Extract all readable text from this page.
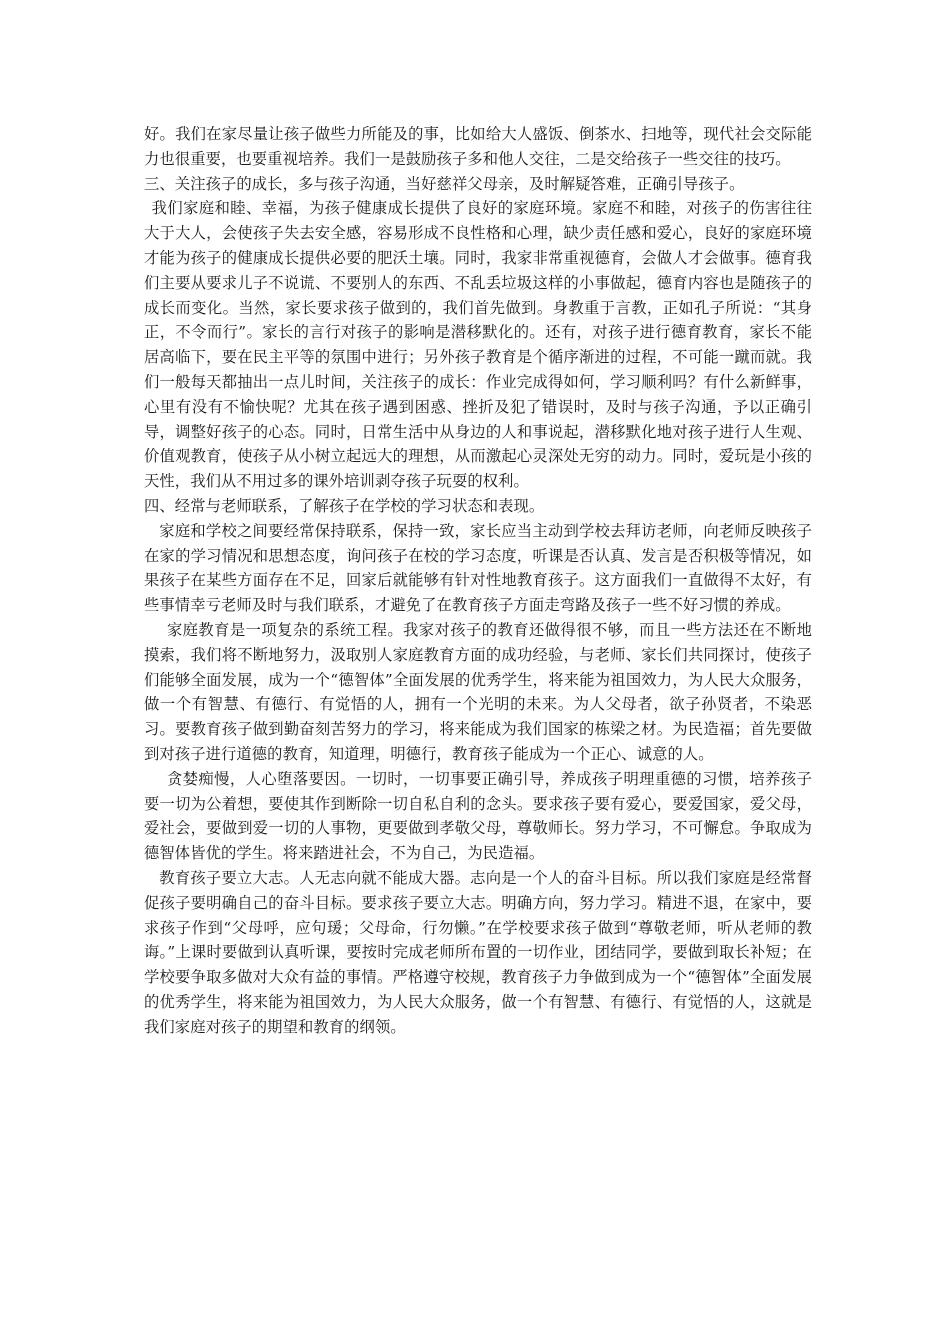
好。我们在家尽量让孩子做些力所能及的事，比如给大人盛饭、倒茶水、扫地等，现代社会交际能力也很重要，也要重视培养。我们一是鼓励孩子多和他人交往，二是交给孩子一些交往的技巧。

三、关注孩子的成长，多与孩子沟通，当好慈祥父母亲，及时解疑答难，正确引导孩子。

我们家庭和睦、幸福，为孩子健康成长提供了良好的家庭环境。家庭不和睦，对孩子的伤害往往大于大人，会使孩子失去安全感，容易形成不良性格和心理，缺少责任感和爱心，良好的家庭环境才能为孩子的健康成长提供必要的肥沃土壤。同时，我家非常重视德育，会做人才会做事。德育我们主要从要求儿子不说谎、不要别人的东西、不乱丢垃圾这样的小事做起，德育内容也是随孩子的成长而变化。当然，家长要求孩子做到的，我们首先做到。身教重于言教，正如孔子所说：“其身正，不令而行”。家长的言行对孩子的影响是潜移默化的。还有，对孩子进行德育教育，家长不能居高临下，要在民主平等的氛围中进行；另外孩子教育是个循序渐进的过程，不可能一蹴而就。我们一般每天都抽出一点儿时间，关注孩子的成长：作业完成得如何，学习顺利吗？有什么新鲜事，心里有没有不愉快呢？尤其在孩子遇到困惑、挫折及犯了错误时，及时与孩子沟通，予以正确引导，调整好孩子的心态。同时，日常生活中从身边的人和事说起，潜移默化地对孩子进行人生观、价值观教育，使孩子从小树立起远大的理想，从而激起心灵深处无穷的动力。同时，爱玩是小孩的天性，我们从不用过多的课外培训剥夺孩子玩耍的权利。

四、经常与老师联系，了解孩子在学校的学习状态和表现。

家庭和学校之间要经常保持联系，保持一致，家长应当主动到学校去拜访老师，向老师反映孩子在家的学习情况和思想态度，询问孩子在校的学习态度，听课是否认真、发言是否积极等情况，如果孩子在某些方面存在不足，回家后就能够有针对性地教育孩子。这方面我们一直做得不太好，有些事情幸亏老师及时与我们联系，才避免了在教育孩子方面走弯路及孩子一些不好习惯的养成。

家庭教育是一项复杂的系统工程。我家对孩子的教育还做得很不够，而且一些方法还在不断地摸索，我们将不断地努力，汲取别人家庭教育方面的成功经验，与老师、家长们共同探讨，使孩子们能够全面发展，成为一个“德智体”全面发展的优秀学生，将来能为祖国效力，为人民大众服务，做一个有智慧、有德行、有觉悟的人，拥有一个光明的未来。为人父母者，欲子孙贤者，不染恶习。要教育孩子做到勤奋刻苦努力的学习，将来能成为我们国家的栋梁之材。为民造福；首先要做到对孩子进行道德的教育，知道理，明德行，教育孩子能成为一个正心、诚意的人。

贪婪痴慢，人心堕落要因。一切时，一切事要正确引导，养成孩子明理重德的习惯，培养孩子要一切为公着想，要使其作到断除一切自私自利的念头。要求孩子要有爱心，要爱国家，爱父母，爱社会，要做到爱一切的人事物，更要做到孝敬父母，尊敬师长。努力学习，不可懈怠。争取成为德智体皆优的学生。将来踏进社会，不为自己，为民造福。

教育孩子要立大志。人无志向就不能成大器。志向是一个人的奋斗目标。所以我们家庭是经常督促孩子要明确自己的奋斗目标。要求孩子要立大志。明确方向，努力学习。精进不退，在家中，要求孩子作到“父母呼，应句瑗；父母命，行勿懒。”在学校要求孩子做到“尊敬老师，听从老师的教诲。”上课时要做到认真听课，要按时完成老师所布置的一切作业，团结同学，要做到取长补短；在学校要争取多做对大众有益的事情。严格遵守校规，教育孩子力争做到成为一个“德智体”全面发展的优秀学生，将来能为祖国效力，为人民大众服务，做一个有智慧、有德行、有觉悟的人，这就是我们家庭对孩子的期望和教育的纲领。
